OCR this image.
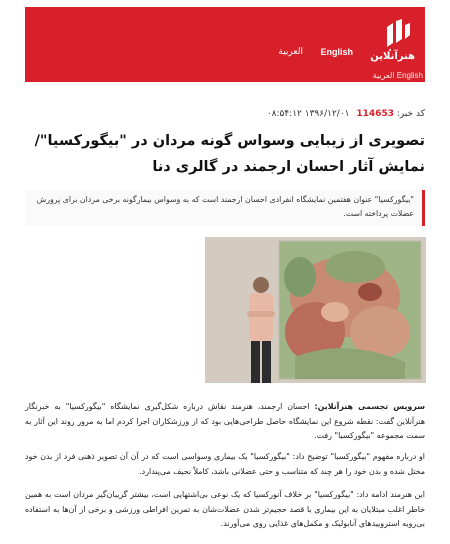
هنرآنلاین
English
العربية
العربية English
کد خبر: 114653 ۱۳۹۶/۱۲/۰۱ ۰۸:۵۴:۱۲
تصویری از زیبایی وسواس گونه مردان در "بیگورکسیا"/ نمایش آثار احسان ارجمند در گالری دنا
"بیگورکسیا" عنوان هفتمین نمایشگاه انفرادی احسان ارجمند است که به وسواس بیمارگونه برخی مردان برای پرورش عضلات پرداخته است.

سرویس تجسمی هنرآنلاین: احسان ارجمند، هنرمند نقاش درباره شکل‌گیری نمایشگاه "بیگورکسیا" به خبرنگار هنرآنلاین گفت: نقطه شروع این نمایشگاه حاصل طراحی‌هایی بود که از ورزشکاران اجرا کردم اما به مرور روند این آثار به سمت مجموعه "بیگورکسیا" رفت.

او درباره مفهوم "بیگورکسیا" توضیح داد: "بیگورکسیا" یک بیماری وسواسی است که در آن آن تصویر ذهنی فرد از بدن خود مختل شده و بدن خود را هر چند که متناسب و حتی عضلانی باشد، کاملاً نحیف می‌پندارد.

این هنرمند ادامه داد: "بیگورکسیا" بر خلاف آنورکسیا که یک نوعی بی‌اشتهایی است، بیشتر گریبان‌گیر مردان است به همین خاطر اغلب مبتلایان به این بیماری با قصد حجیم‌تر شدن عضلات‌شان به تمرین افراطی ورزشی و برخی از آن‌ها به استفاده بی‌رویه استروییدهای آنابولیک و مکمل‌های غذایی روی می‌آورند.
